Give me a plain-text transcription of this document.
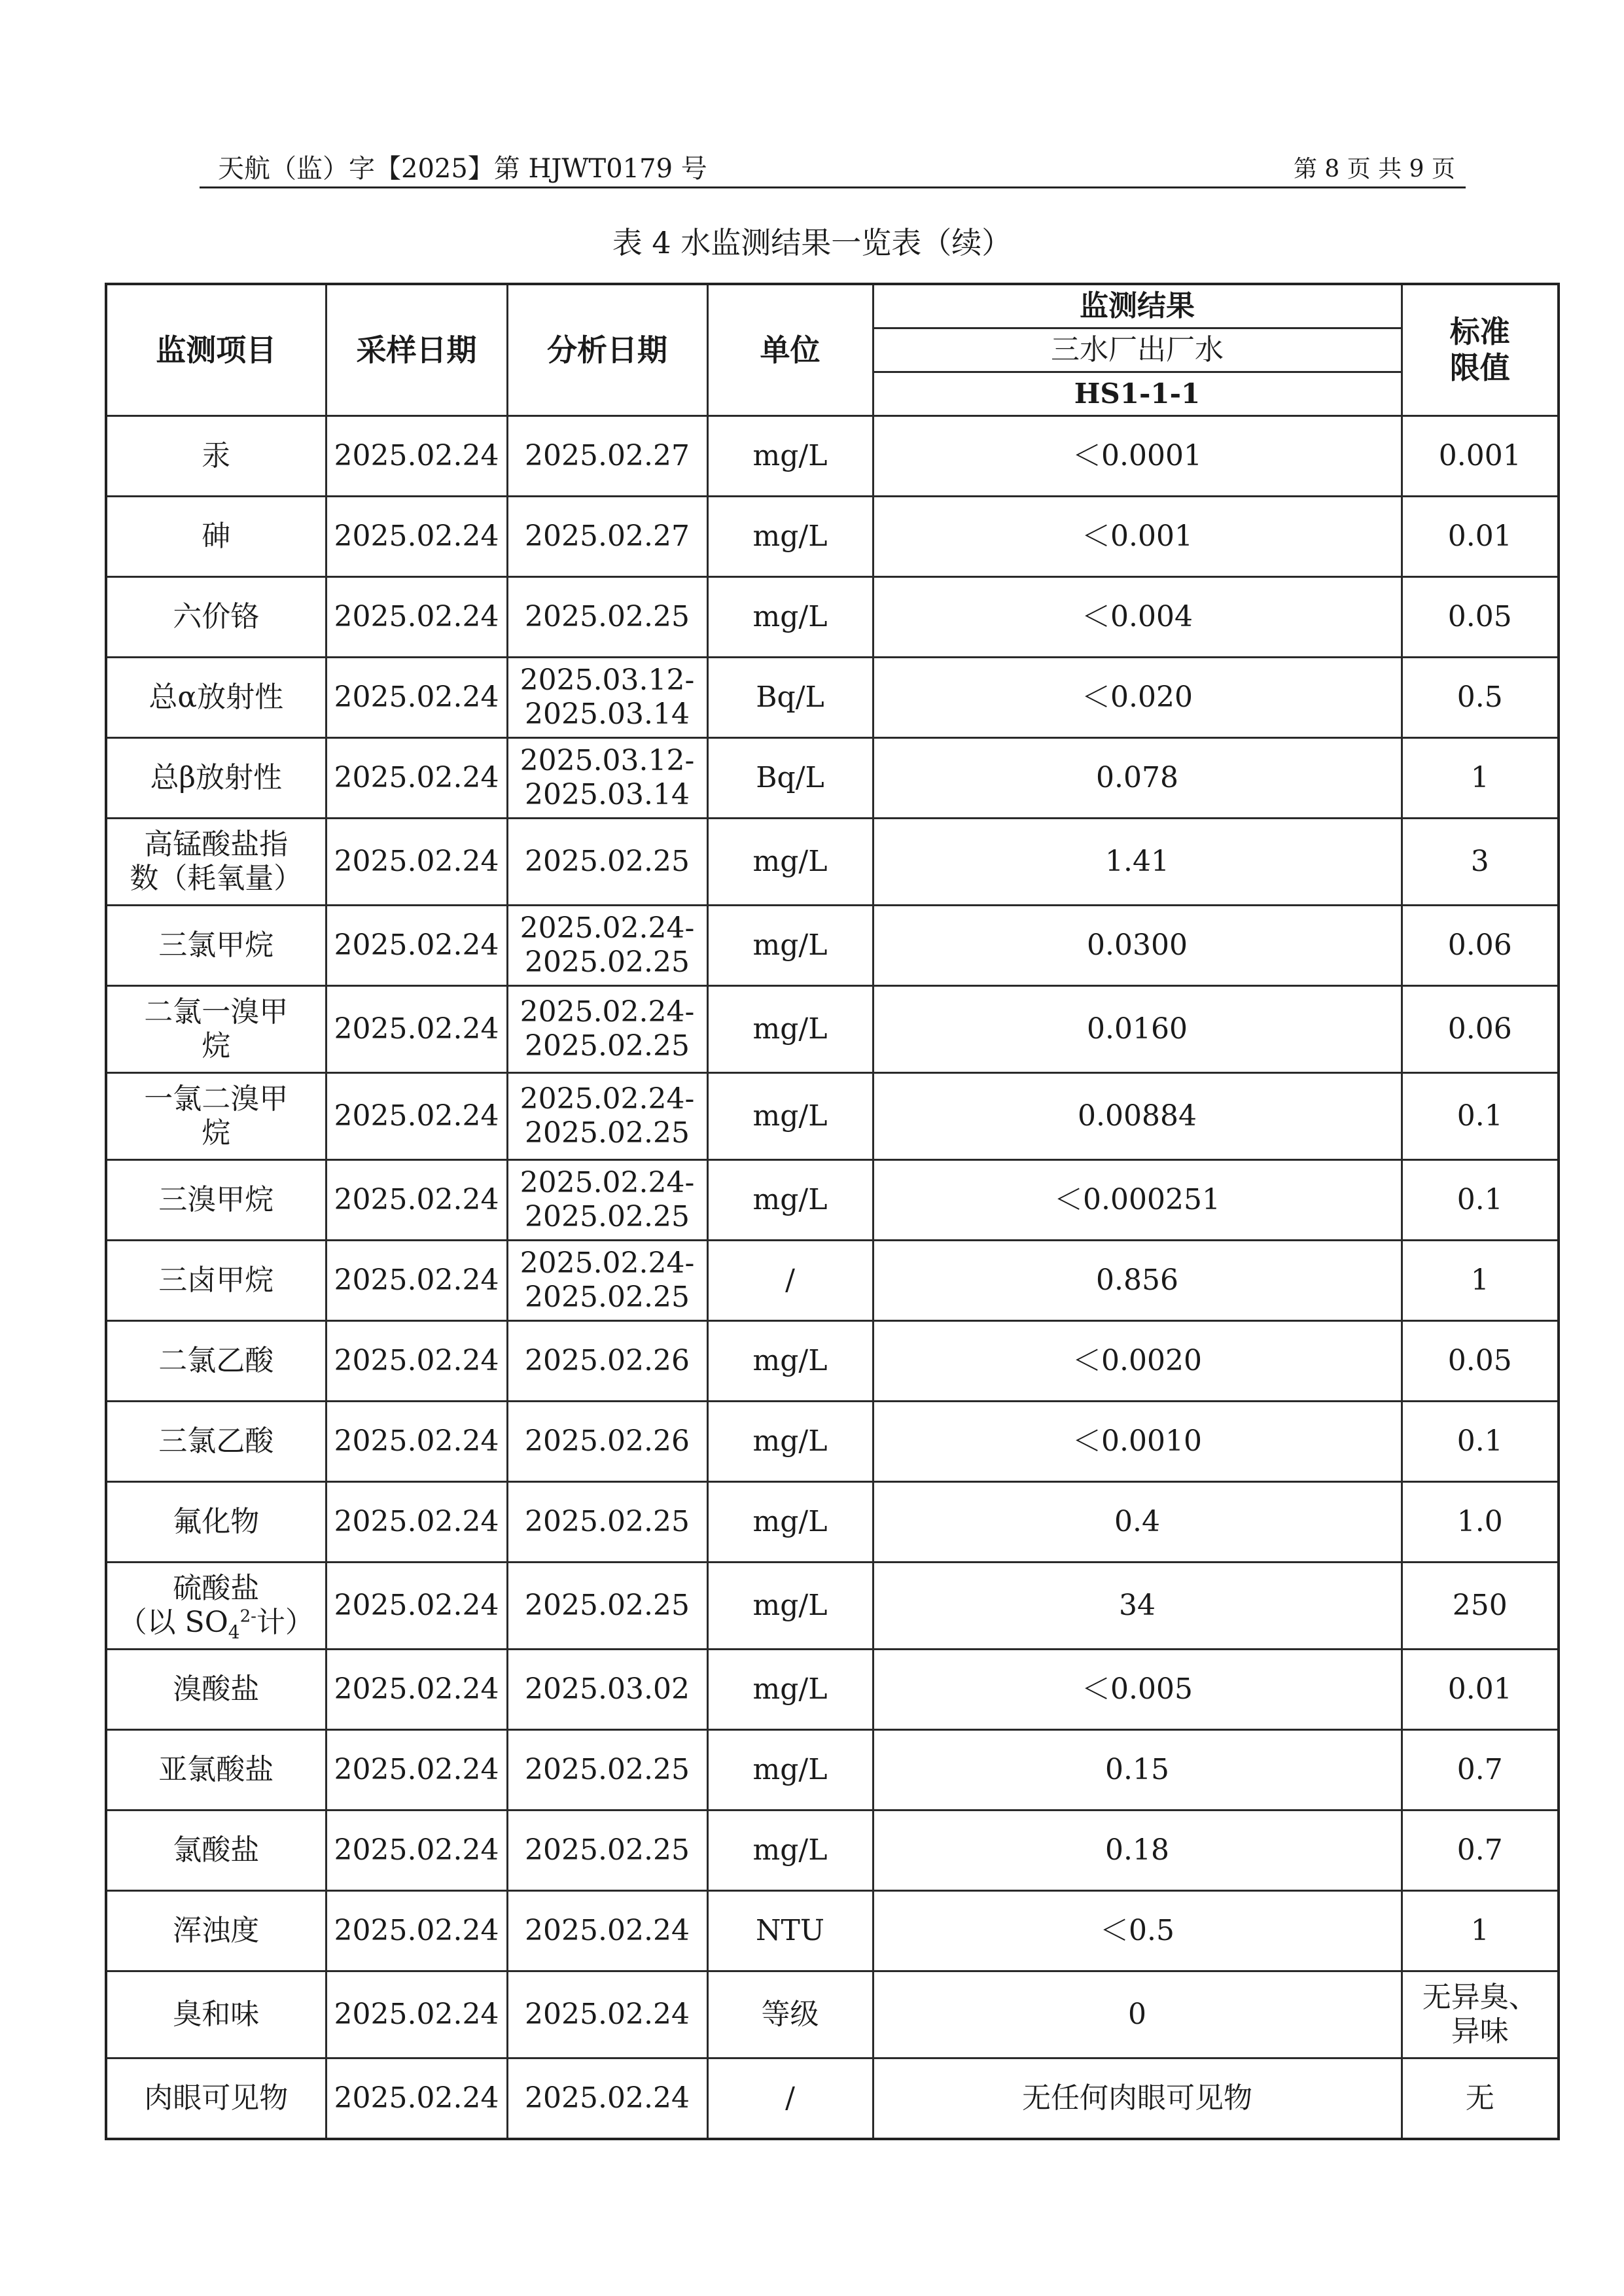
天航（监）字【2025】第 HJWT0179 号	第 8 页 共 9 页
表 4 水监测结果一览表（续）
监测项目	采样日期	分析日期	单位	监测结果	标准
限值

				三水厂出厂水	
				HS1-1-1	
汞	2025.02.24	2025.02.27	mg/L	＜0.0001	0.001
砷	2025.02.24	2025.02.27	mg/L	＜0.001	0.01
六价铬	2025.02.24	2025.02.25	mg/L	＜0.004	0.05
总α放射性	2025.02.24	2025.03.12-
2025.03.14	Bq/L	＜0.020	0.5
总β放射性	2025.02.24	2025.03.12-
2025.03.14	Bq/L	0.078	1

高锰酸盐指
数（耗氧量）	2025.02.24	2025.02.25	mg/L	1.41	3
三氯甲烷	2025.02.24	2025.02.24-
2025.02.25	mg/L	0.0300	0.06

二氯一溴甲
烷	2025.02.24	2025.02.24-
2025.02.25	mg/L	0.0160	0.06

一氯二溴甲
烷	2025.02.24	2025.02.24-
2025.02.25	mg/L	0.00884	0.1
三溴甲烷	2025.02.24	2025.02.24-
2025.02.25	mg/L	＜0.000251	0.1
三卤甲烷	2025.02.24	2025.02.24-
2025.02.25	/	0.856	1
二氯乙酸	2025.02.24	2025.02.26	mg/L	＜0.0020	0.05
三氯乙酸	2025.02.24	2025.02.26	mg/L	＜0.0010	0.1
氟化物	2025.02.24	2025.02.25	mg/L	0.4	1.0

硫酸盐
（以 $SO_4^{2-}$计）	2025.02.24	2025.02.25	mg/L	34	250
溴酸盐	2025.02.24	2025.03.02	mg/L	＜0.005	0.01
亚氯酸盐	2025.02.24	2025.02.25	mg/L	0.15	0.7
氯酸盐	2025.02.24	2025.02.25	mg/L	0.18	0.7
浑浊度	2025.02.24	2025.02.24	NTU	＜0.5	1
臭和味	2025.02.24	2025.02.24	等级	0	无异臭、
异味

肉眼可见物	2025.02.24	2025.02.24	/	无任何肉眼可见物	无
